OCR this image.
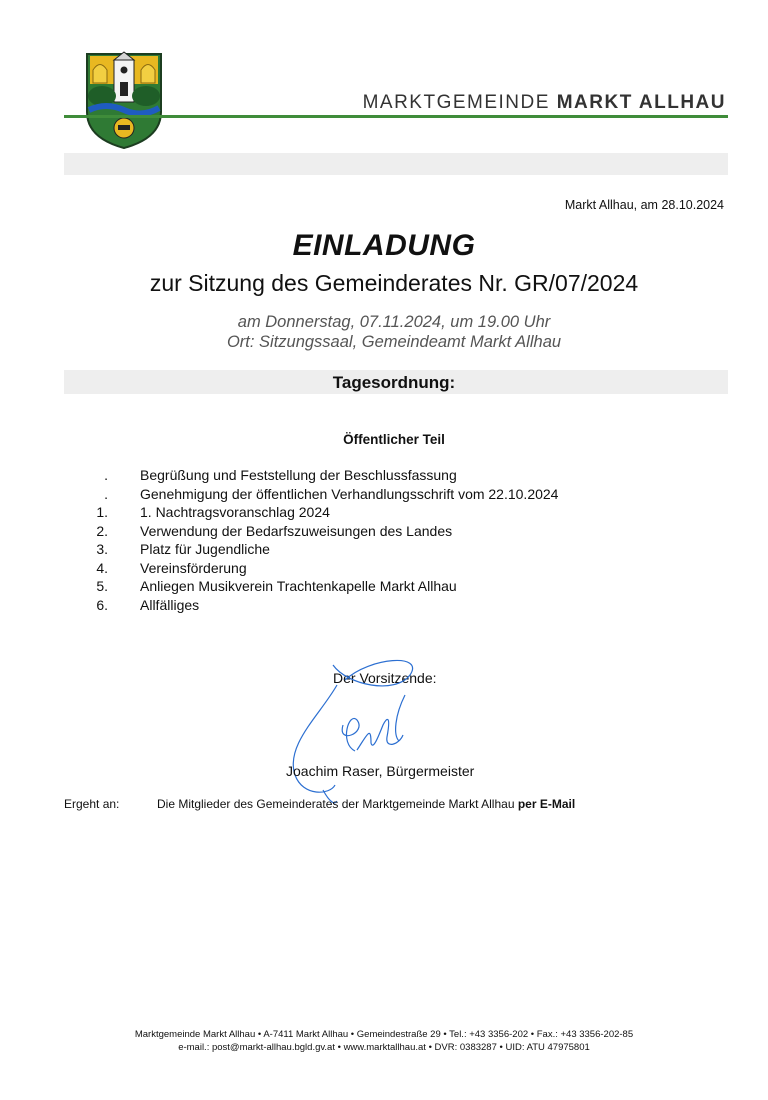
MARKTGEMEINDE MARKT ALLHAU
Markt Allhau, am 28.10.2024
EINLADUNG
zur Sitzung des Gemeinderates Nr. GR/07/2024
am Donnerstag, 07.11.2024, um 19.00 Uhr
Ort: Sitzungssaal, Gemeindeamt Markt Allhau
Tagesordnung:
Öffentlicher Teil
. Begrüßung und Feststellung der Beschlussfassung
. Genehmigung der öffentlichen Verhandlungsschrift vom 22.10.2024
1. 1. Nachtragsvoranschlag 2024
2. Verwendung der Bedarfszuweisungen des Landes
3. Platz für Jugendliche
4. Vereinsförderung
5. Anliegen Musikverein Trachtenkapelle Markt Allhau
6. Allfälliges
Der Vorsitzende:
Joachim Raser, Bürgermeister
Ergeht an:	Die Mitglieder des Gemeinderates der Marktgemeinde Markt Allhau per E-Mail
Marktgemeinde Markt Allhau • A-7411 Markt Allhau • Gemeindestraße 29 • Tel.: +43 3356-202 • Fax.: +43 3356-202-85
e-mail.: post@markt-allhau.bgld.gv.at • www.marktallhau.at • DVR: 0383287 • UID: ATU 47975801
